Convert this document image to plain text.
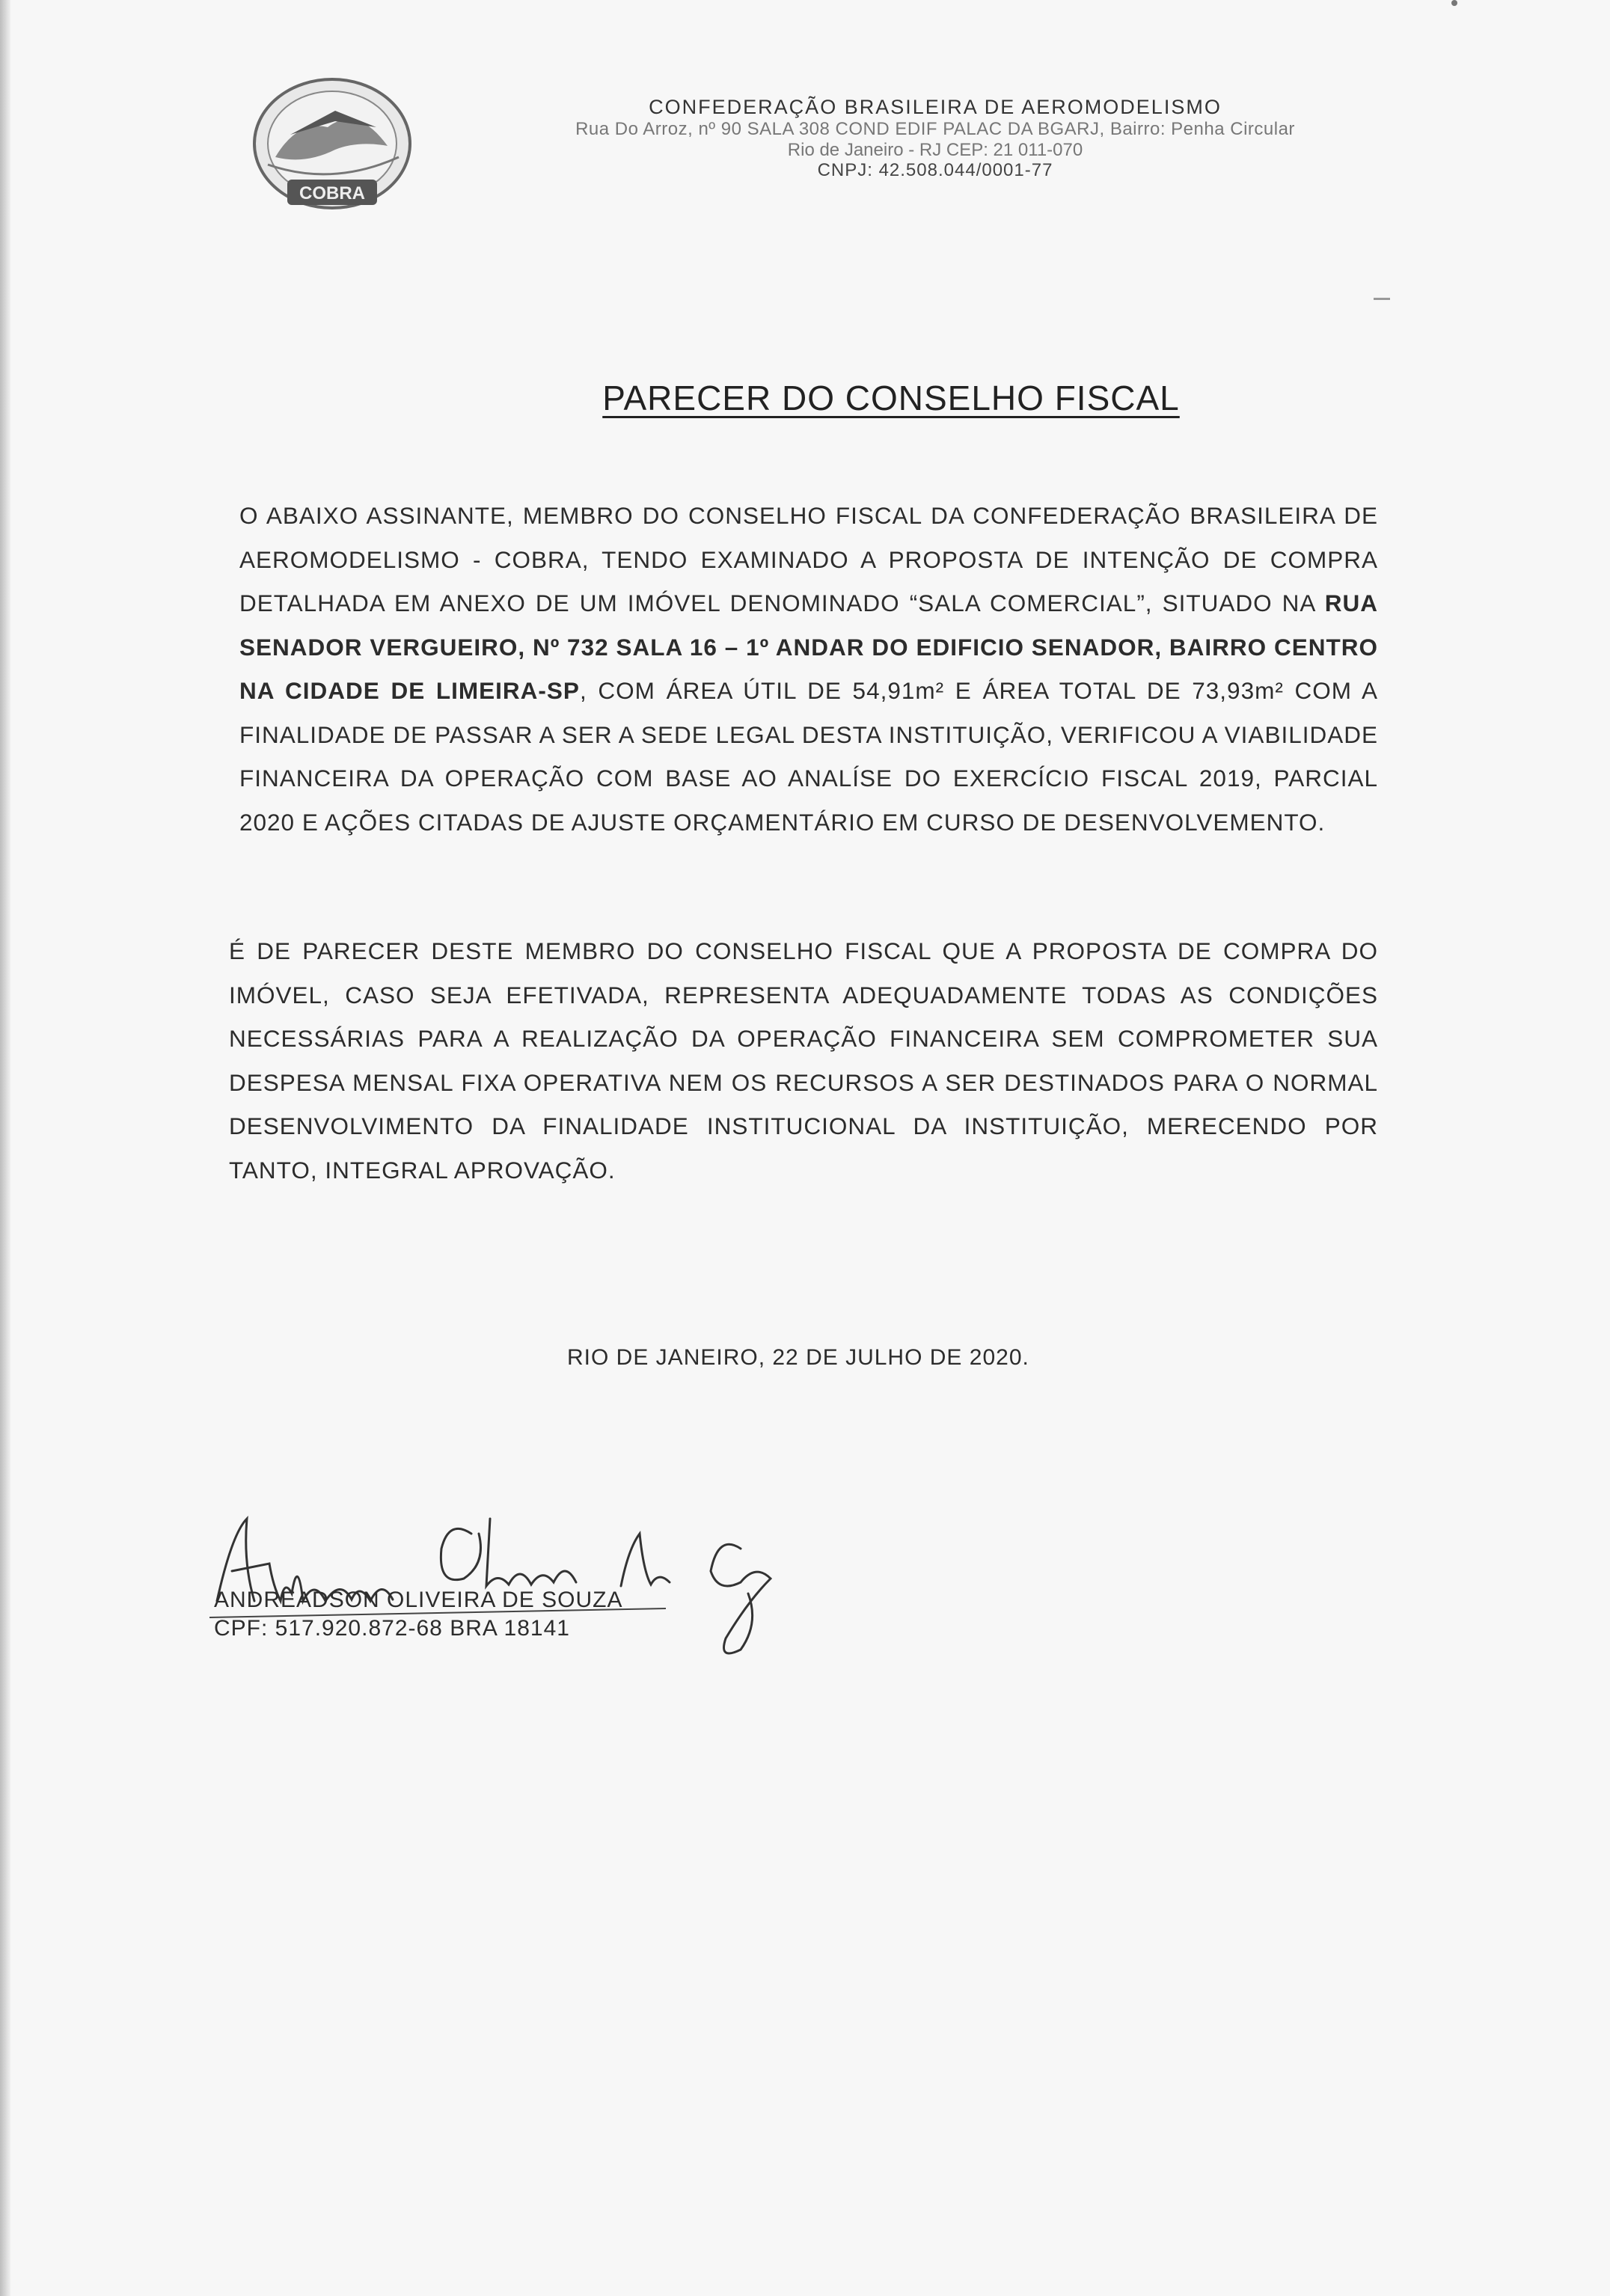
COBRA
CONFEDERAÇÃO BRASILEIRA DE AEROMODELISMO
Rua Do Arroz, nº 90 SALA 308 COND EDIF PALAC DA BGARJ, Bairro: Penha Circular
Rio de Janeiro - RJ CEP: 21 011-070
CNPJ: 42.508.044/0001-77
PARECER DO CONSELHO FISCAL
O ABAIXO ASSINANTE, MEMBRO DO CONSELHO FISCAL DA CONFEDERAÇÃO BRASILEIRA DE AEROMODELISMO - COBRA, TENDO EXAMINADO A PROPOSTA DE INTENÇÃO DE COMPRA DETALHADA EM ANEXO DE UM IMÓVEL DENOMINADO “SALA COMERCIAL”, SITUADO NA RUA SENADOR VERGUEIRO, Nº 732 SALA 16 – 1º ANDAR DO EDIFICIO SENADOR, BAIRRO CENTRO NA CIDADE DE LIMEIRA-SP, COM ÁREA ÚTIL DE 54,91m² E ÁREA TOTAL DE 73,93m² COM A FINALIDADE DE PASSAR A SER A SEDE LEGAL DESTA INSTITUIÇÃO, VERIFICOU A VIABILIDADE FINANCEIRA DA OPERAÇÃO COM BASE AO ANALÍSE DO EXERCÍCIO FISCAL 2019, PARCIAL 2020 E AÇÕES CITADAS DE AJUSTE ORÇAMENTÁRIO EM CURSO DE DESENVOLVEMENTO.
É DE PARECER DESTE MEMBRO DO CONSELHO FISCAL QUE A PROPOSTA DE COMPRA DO IMÓVEL, CASO SEJA EFETIVADA, REPRESENTA ADEQUADAMENTE TODAS AS CONDIÇÕES NECESSÁRIAS PARA A REALIZAÇÃO DA OPERAÇÃO FINANCEIRA SEM COMPROMETER SUA DESPESA MENSAL FIXA OPERATIVA NEM OS RECURSOS A SER DESTINADOS PARA O NORMAL DESENVOLVIMENTO DA FINALIDADE INSTITUCIONAL DA INSTITUIÇÃO, MERECENDO POR TANTO, INTEGRAL APROVAÇÃO.
RIO DE JANEIRO, 22 DE JULHO DE 2020.
Andreadson Oliveira de Souza
ANDREADSON OLIVEIRA DE SOUZA
CPF: 517.920.872-68 BRA 18141
